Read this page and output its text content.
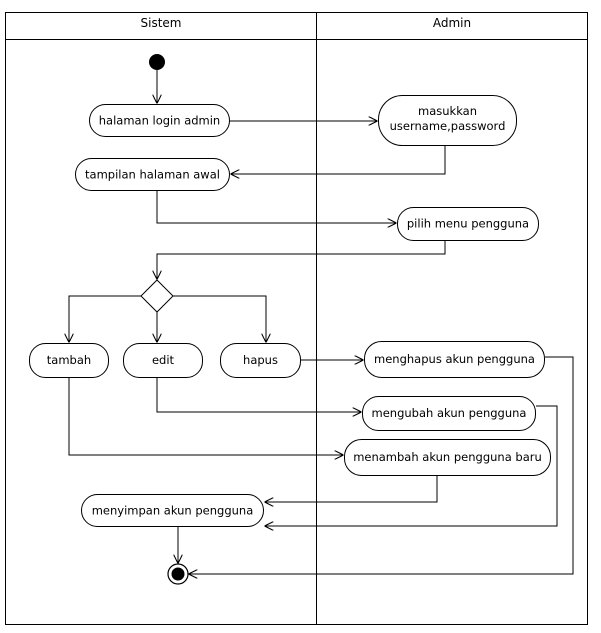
Sistem	Admin
halaman login admin
masukkan
username,password
tampilan halaman awal
pilih menu pengguna
tambah	edit	hapus	menghapus akun pengguna
mengubah akun pengguna
menambah akun pengguna baru
menyimpan akun pengguna
